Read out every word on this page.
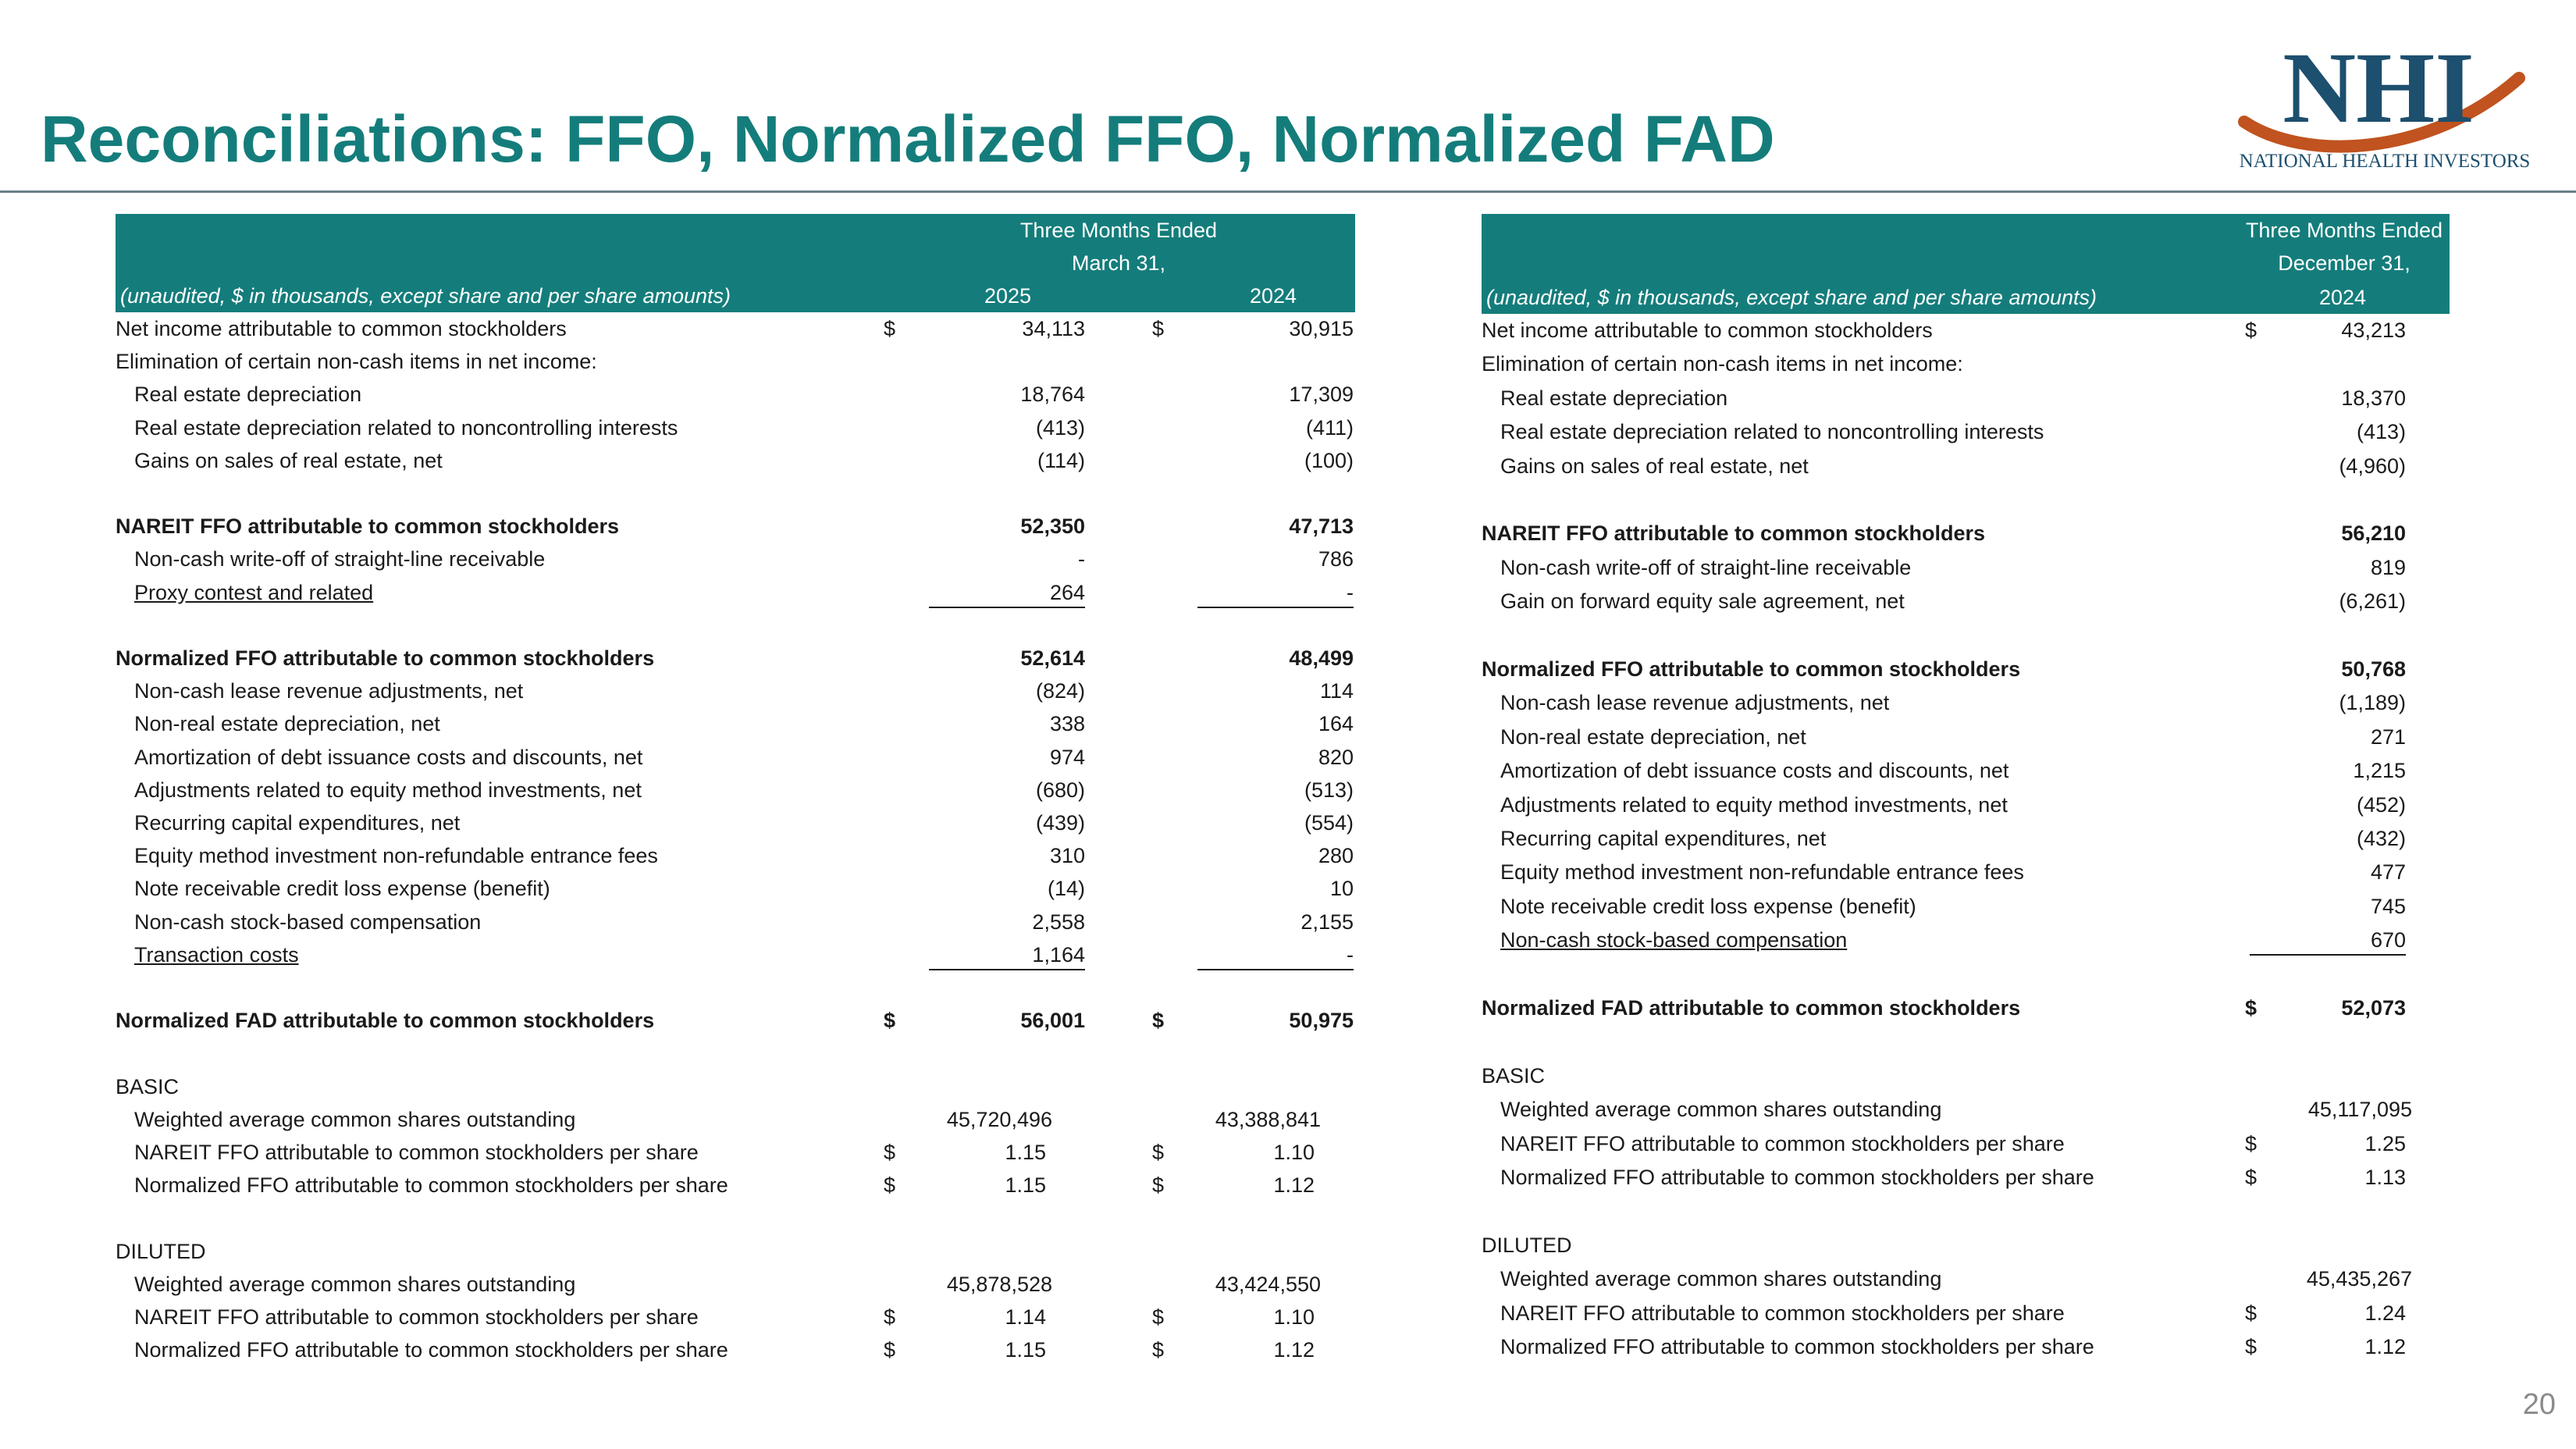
Reconciliations: FFO, Normalized FFO, Normalized FAD	NHI
NATIONAL HEALTH INVESTORS
Three Months Ended
March 31,
(unaudited, $ in thousands, except share and per share amounts)	2025	2024
Net income attributable to common stockholders	$	34,113	$	30,915
Elimination of certain non-cash items in net income:
Real estate depreciation	18,764	17,309
Real estate depreciation related to noncontrolling interests	(413)	(411)
Gains on sales of real estate, net	(114)	(100)
NAREIT FFO attributable to common stockholders	52,350	47,713
Non-cash write-off of straight-line receivable	-	786
Proxy contest and related	264	-
Normalized FFO attributable to common stockholders	52,614	48,499
Non-cash lease revenue adjustments, net	(824)	114
Non-real estate depreciation, net	338	164
Amortization of debt issuance costs and discounts, net	974	820
Adjustments related to equity method investments, net	(680)	(513)
Recurring capital expenditures, net	(439)	(554)
Equity method investment non-refundable entrance fees	310	280
Note receivable credit loss expense (benefit)	(14)	10
Non-cash stock-based compensation	2,558	2,155
Transaction costs	1,164	-
Normalized FAD attributable to common stockholders	$	56,001	$	50,975
BASIC
Weighted average common shares outstanding	45,720,496	43,388,841
NAREIT FFO attributable to common stockholders per share	$	1.15	$	1.10
Normalized FFO attributable to common stockholders per share	$	1.15	$	1.12
DILUTED
Weighted average common shares outstanding	45,878,528	43,424,550
NAREIT FFO attributable to common stockholders per share	$	1.14	$	1.10
Normalized FFO attributable to common stockholders per share	$	1.15	$	1.12
Three Months Ended
December 31,
(unaudited, $ in thousands, except share and per share amounts)	2024
Net income attributable to common stockholders	$	43,213
Elimination of certain non-cash items in net income:
Real estate depreciation	18,370
Real estate depreciation related to noncontrolling interests	(413)
Gains on sales of real estate, net	(4,960)
NAREIT FFO attributable to common stockholders	56,210
Non-cash write-off of straight-line receivable	819
Gain on forward equity sale agreement, net	(6,261)
Normalized FFO attributable to common stockholders	50,768
Non-cash lease revenue adjustments, net	(1,189)
Non-real estate depreciation, net	271
Amortization of debt issuance costs and discounts, net	1,215
Adjustments related to equity method investments, net	(452)
Recurring capital expenditures, net	(432)
Equity method investment non-refundable entrance fees	477
Note receivable credit loss expense (benefit)	745
Non-cash stock-based compensation	670
Normalized FAD attributable to common stockholders	$	52,073
BASIC
Weighted average common shares outstanding	45,117,095
NAREIT FFO attributable to common stockholders per share	$	1.25
Normalized FFO attributable to common stockholders per share	$	1.13
DILUTED
Weighted average common shares outstanding	45,435,267
NAREIT FFO attributable to common stockholders per share	$	1.24
Normalized FFO attributable to common stockholders per share	$	1.12
20
